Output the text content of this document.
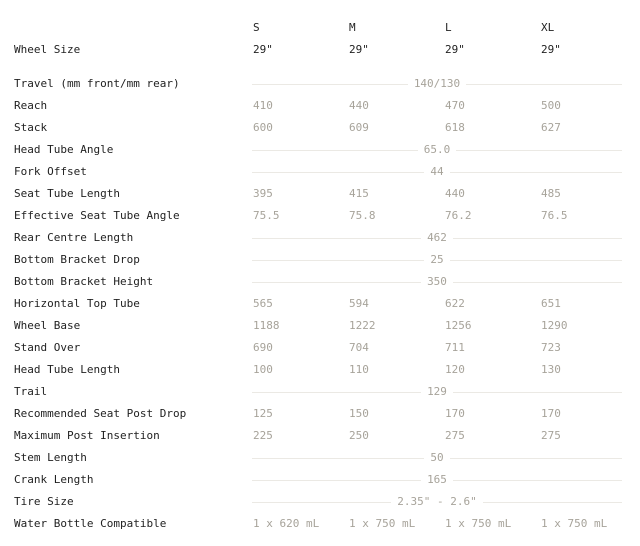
S	M	L	XL
Wheel Size	29"	29"	29"	29"
Travel (mm front/mm rear)	140/130
Reach	410	440	470	500
Stack	600	609	618	627
Head Tube Angle	65.0
Fork Offset	44
Seat Tube Length	395	415	440	485
Effective Seat Tube Angle	75.5	75.8	76.2	76.5
Rear Centre Length	462
Bottom Bracket Drop	25
Bottom Bracket Height	350
Horizontal Top Tube	565	594	622	651
Wheel Base	1188	1222	1256	1290
Stand Over	690	704	711	723
Head Tube Length	100	110	120	130
Trail	129
Recommended Seat Post Drop	125	150	170	170
Maximum Post Insertion	225	250	275	275
Stem Length	50
Crank Length	165
Tire Size	2.35" - 2.6"
Water Bottle Compatible	1 x 620 mL	1 x 750 mL	1 x 750 mL	1 x 750 mL
